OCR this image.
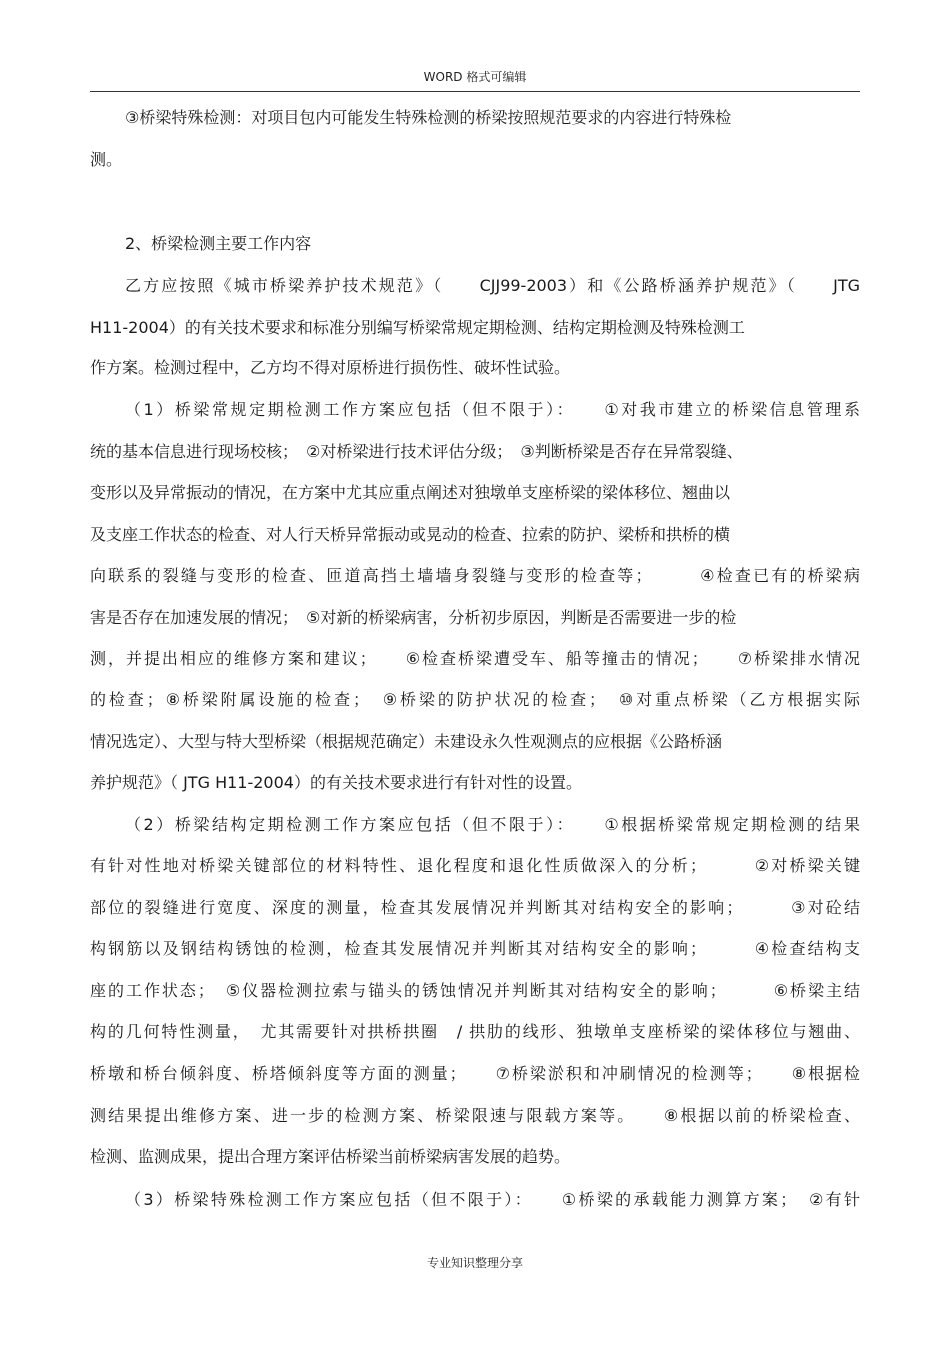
WORD 格式可编辑
③桥梁特殊检测：对项目包内可能发生特殊检测的桥梁按照规范要求的内容进行特殊检
测。
2、桥梁检测主要工作内容
乙方应按照《城市桥梁养护技术规范》（　　CJJ99-2003）和《公路桥涵养护规范》（　　JTG
H11-2004）的有关技术要求和标准分别编写桥梁常规定期检测、结构定期检测及特殊检测工
作方案。检测过程中，乙方均不得对原桥进行损伤性、破坏性试验。
（1）桥梁常规定期检测工作方案应包括（但不限于）：　　①对我市建立的桥梁信息管理系
统的基本信息进行现场校核；　②对桥梁进行技术评估分级；　③判断桥梁是否存在异常裂缝、
变形以及异常振动的情况，在方案中尤其应重点阐述对独墩单支座桥梁的梁体移位、翘曲以
及支座工作状态的检查、对人行天桥异常振动或晃动的检查、拉索的防护、梁桥和拱桥的横
向联系的裂缝与变形的检查、匝道高挡土墙墙身裂缝与变形的检查等；　　　④检查已有的桥梁病
害是否存在加速发展的情况；　⑤对新的桥梁病害，分析初步原因，判断是否需要进一步的检
测，并提出相应的维修方案和建议；　　⑥检查桥梁遭受车、船等撞击的情况；　　⑦桥梁排水情况
的检查；⑧桥梁附属设施的检查；　⑨桥梁的防护状况的检查；　⑩对重点桥梁（乙方根据实际
情况选定）、大型与特大型桥梁（根据规范确定）未建设永久性观测点的应根据《公路桥涵
养护规范》（ JTG H11-2004）的有关技术要求进行有针对性的设置。
（2）桥梁结构定期检测工作方案应包括（但不限于）：　　①根据桥梁常规定期检测的结果
有针对性地对桥梁关键部位的材料特性、退化程度和退化性质做深入的分析；　　　②对桥梁关键
部位的裂缝进行宽度、深度的测量，检查其发展情况并判断其对结构安全的影响；　　　③对砼结
构钢筋以及钢结构锈蚀的检测，检查其发展情况并判断其对结构安全的影响；　　　④检查结构支
座的工作状态；　⑤仪器检测拉索与锚头的锈蚀情况并判断其对结构安全的影响；　　　⑥桥梁主结
构的几何特性测量，　尤其需要针对拱桥拱圈　/ 拱肋的线形、独墩单支座桥梁的梁体移位与翘曲、
桥墩和桥台倾斜度、桥塔倾斜度等方面的测量；　　⑦桥梁淤积和冲刷情况的检测等；　　⑧根据检
测结果提出维修方案、进一步的检测方案、桥梁限速与限载方案等。　　⑧根据以前的桥梁检查、
检测、监测成果，提出合理方案评估桥梁当前桥梁病害发展的趋势。
（3）桥梁特殊检测工作方案应包括（但不限于）：　　①桥梁的承载能力测算方案；　②有针
专业知识整理分享
